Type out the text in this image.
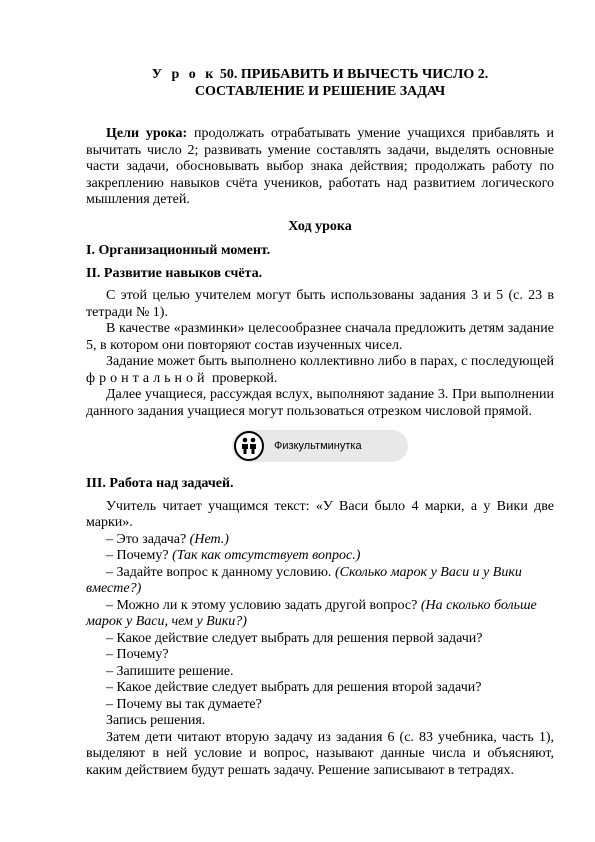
У р о к 50. ПРИБАВИТЬ И ВЫЧЕСТЬ ЧИСЛО 2.

СОСТАВЛЕНИЕ И РЕШЕНИЕ ЗАДАЧ

Цели урока: продолжать отрабатывать умение учащихся прибавлять и вычитать число 2; развивать умение составлять задачи, выделять основные части задачи, обосновывать выбор знака действия; продолжать работу по закреплению навыков счёта учеников, работать над развитием логического мышления детей.

Ход урока

I. Организационный момент.

II. Развитие навыков счёта.

С этой целью учителем могут быть использованы задания 3 и 5 (с. 23 в тетради № 1).

В качестве «разминки» целесообразнее сначала предложить детям задание 5, в котором они повторяют состав изученных чисел.

Задание может быть выполнено коллективно либо в парах, с последующей фронтальной проверкой.

Далее учащиеся, рассуждая вслух, выполняют задание 3. При выполнении данного задания учащиеся могут пользоваться отрезком числовой прямой.

Физкультминутка

III. Работа над задачей.

Учитель читает учащимся текст: «У Васи было 4 марки, а у Вики две марки».

– Это задача? (Нет.)

– Почему? (Так как отсутствует вопрос.)

– Задайте вопрос к данному условию. (Сколько марок у Васи и у Вики вместе?)

– Можно ли к этому условию задать другой вопрос? (На сколько больше марок у Васи, чем у Вики?)

– Какое действие следует выбрать для решения первой задачи?

– Почему?

– Запишите решение.

– Какое действие следует выбрать для решения второй задачи?

– Почему вы так думаете?

Запись решения.

Затем дети читают вторую задачу из задания 6 (с. 83 учебника, часть 1), выделяют в ней условие и вопрос, называют данные числа и объясняют, каким действием будут решать задачу. Решение записывают в тетрадях.
